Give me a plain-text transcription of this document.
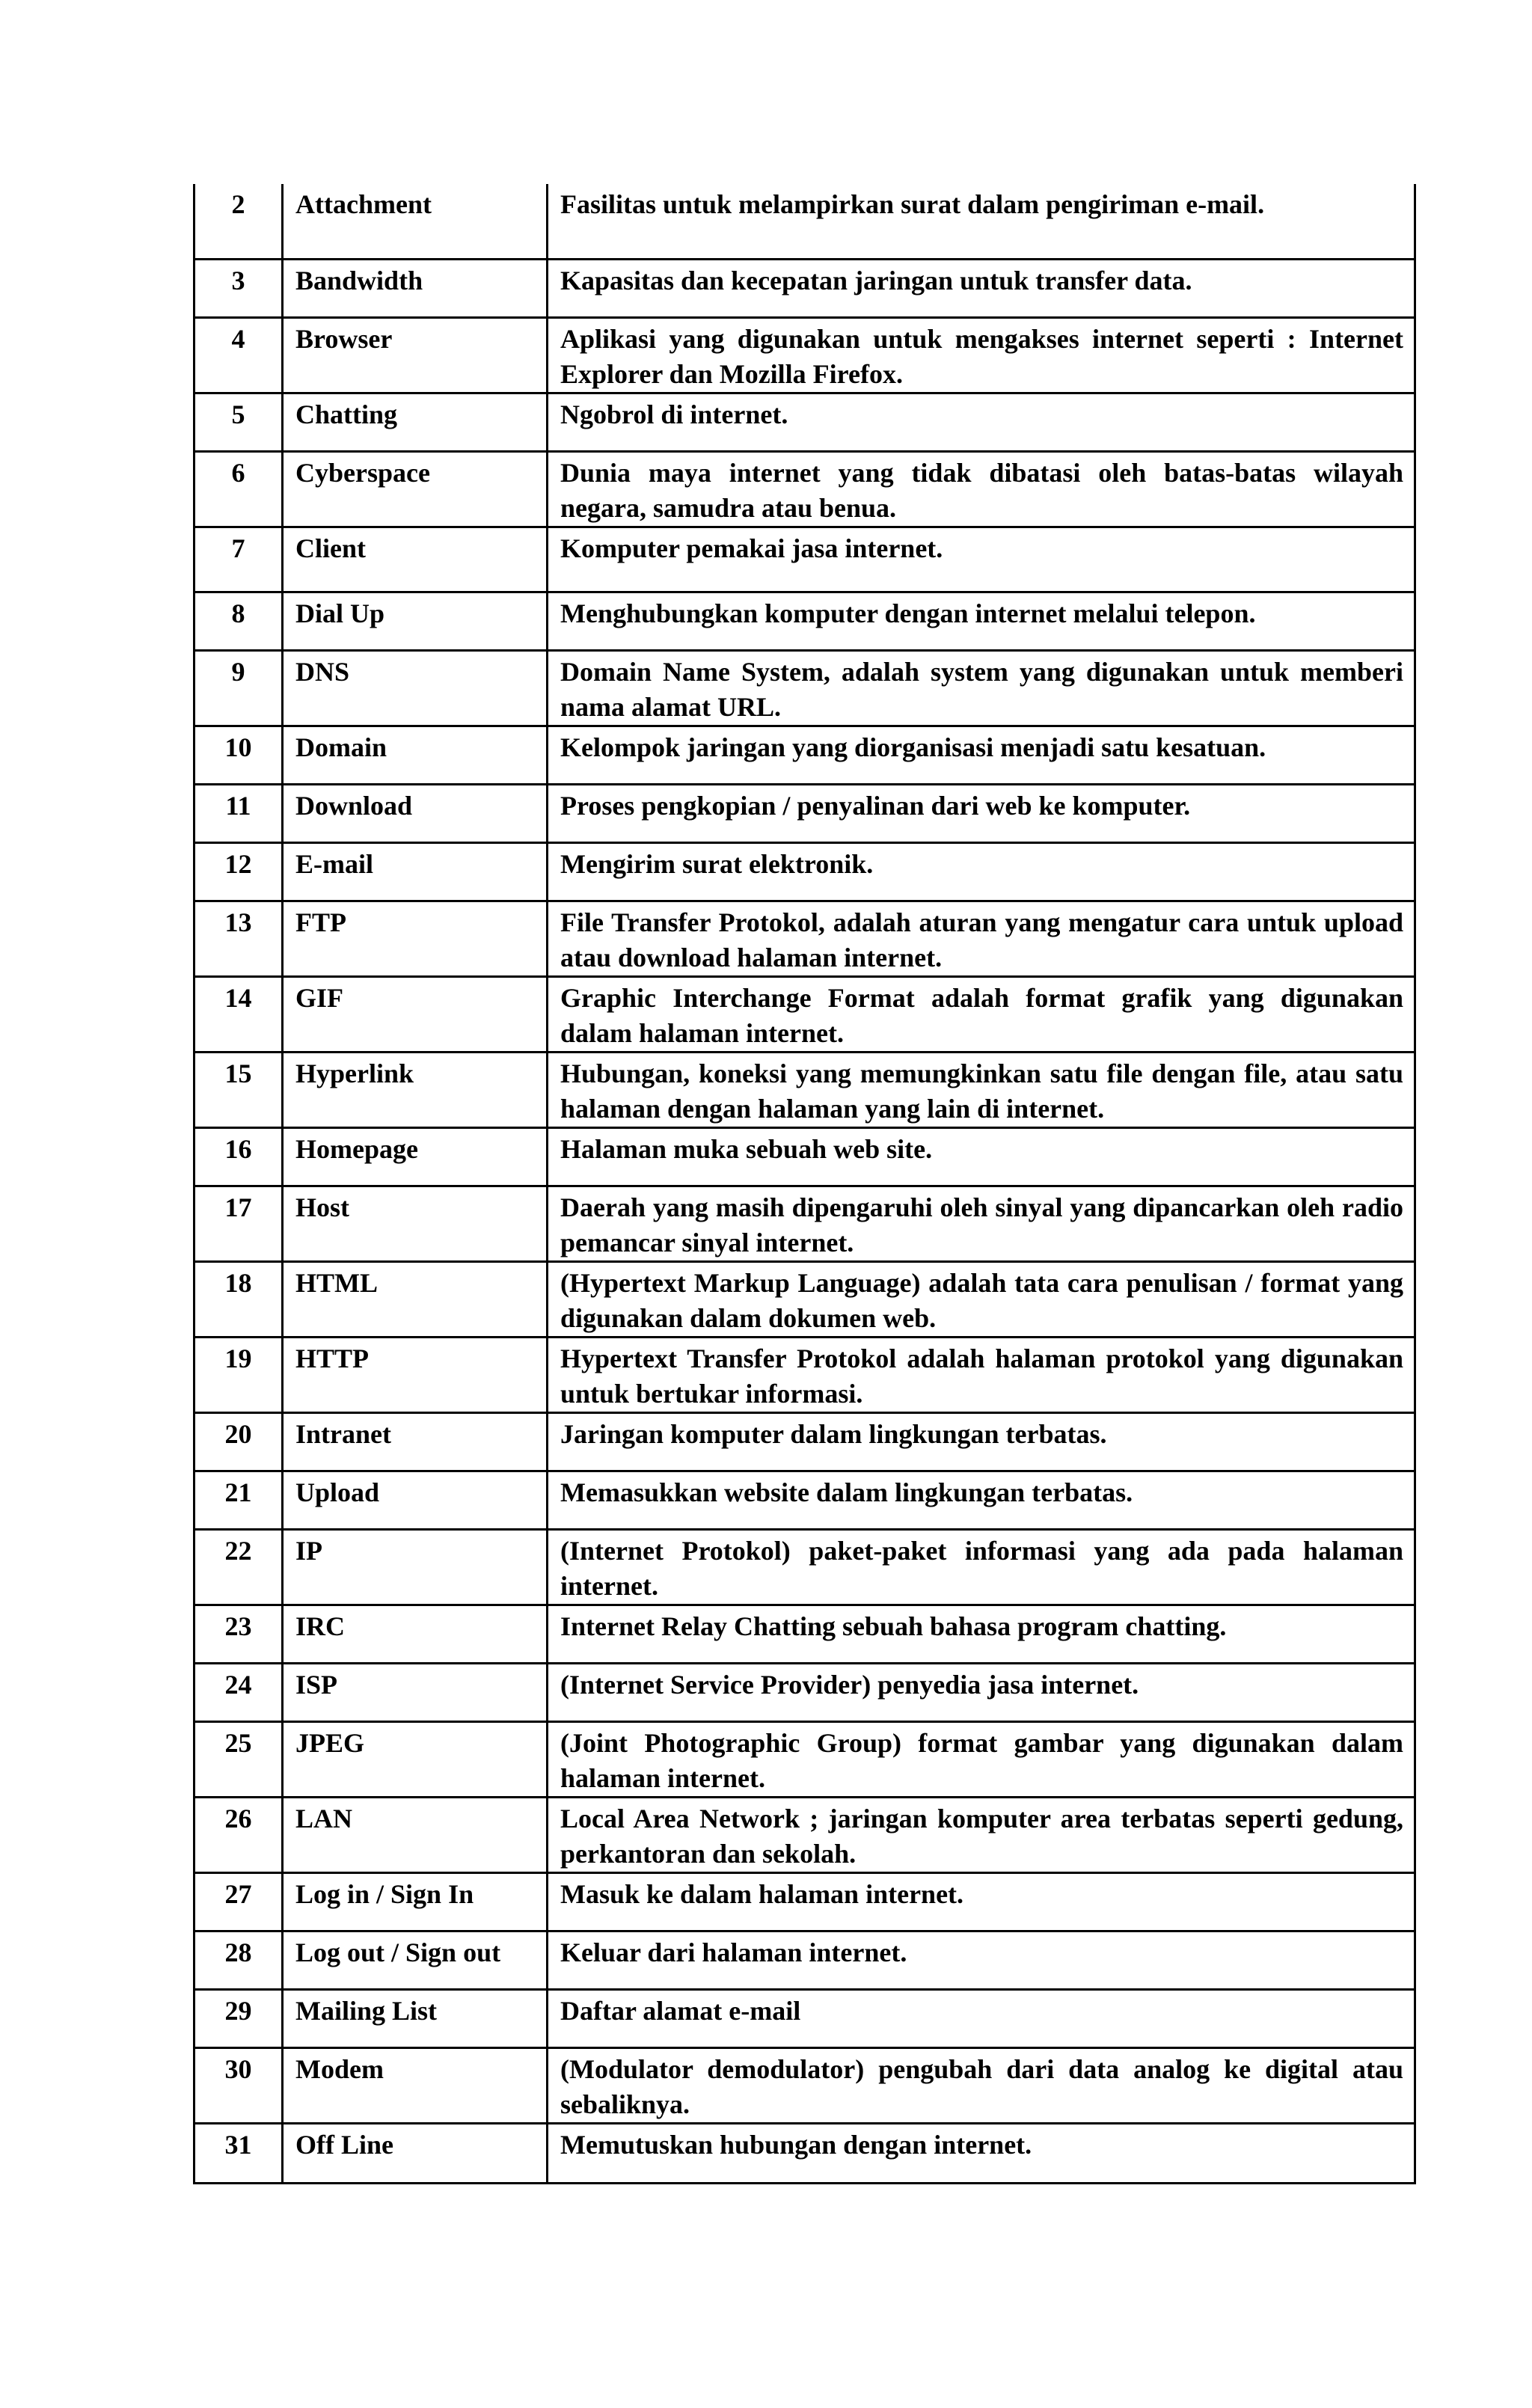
2	Attachment	Fasilitas untuk melampirkan surat dalam pengiriman e-mail.
3	Bandwidth	Kapasitas dan kecepatan jaringan untuk transfer data.
4	Browser	Aplikasi yang digunakan untuk mengakses internet seperti : Internet Explorer dan Mozilla Firefox.
5	Chatting	Ngobrol di internet.
6	Cyberspace	Dunia maya internet yang tidak dibatasi oleh batas-batas wilayah negara, samudra atau benua.
7	Client	Komputer pemakai jasa internet.
8	Dial Up	Menghubungkan komputer dengan internet melalui telepon.
9	DNS	Domain Name System, adalah system yang digunakan untuk memberi nama alamat URL.
10	Domain	Kelompok jaringan yang diorganisasi menjadi satu kesatuan.
11	Download	Proses pengkopian / penyalinan dari web ke komputer.
12	E-mail	Mengirim surat elektronik.
13	FTP	File Transfer Protokol, adalah aturan yang mengatur cara untuk upload atau download halaman internet.
14	GIF	Graphic Interchange Format adalah format grafik yang digunakan dalam halaman internet.
15	Hyperlink	Hubungan, koneksi yang memungkinkan satu file dengan file, atau satu halaman dengan halaman yang lain di internet.
16	Homepage	Halaman muka sebuah web site.
17	Host	Daerah yang masih dipengaruhi oleh sinyal yang dipancarkan oleh radio pemancar sinyal internet.
18	HTML	(Hypertext Markup Language) adalah tata cara penulisan / format yang digunakan dalam dokumen web.
19	HTTP	Hypertext Transfer Protokol adalah halaman protokol yang digunakan untuk bertukar informasi.
20	Intranet	Jaringan komputer dalam lingkungan terbatas.
21	Upload	Memasukkan website dalam lingkungan terbatas.
22	IP	(Internet Protokol) paket-paket informasi yang ada pada halaman internet.
23	IRC	Internet Relay Chatting sebuah bahasa program chatting.
24	ISP	(Internet Service Provider) penyedia jasa internet.
25	JPEG	(Joint Photographic Group) format gambar yang digunakan dalam halaman internet.
26	LAN	Local Area Network ; jaringan komputer area terbatas seperti gedung, perkantoran dan sekolah.
27	Log in / Sign In	Masuk ke dalam halaman internet.
28	Log out / Sign out	Keluar dari halaman internet.
29	Mailing List	Daftar alamat e-mail
30	Modem	(Modulator demodulator) pengubah dari data analog ke digital atau sebaliknya.
31	Off Line	Memutuskan hubungan dengan internet.
